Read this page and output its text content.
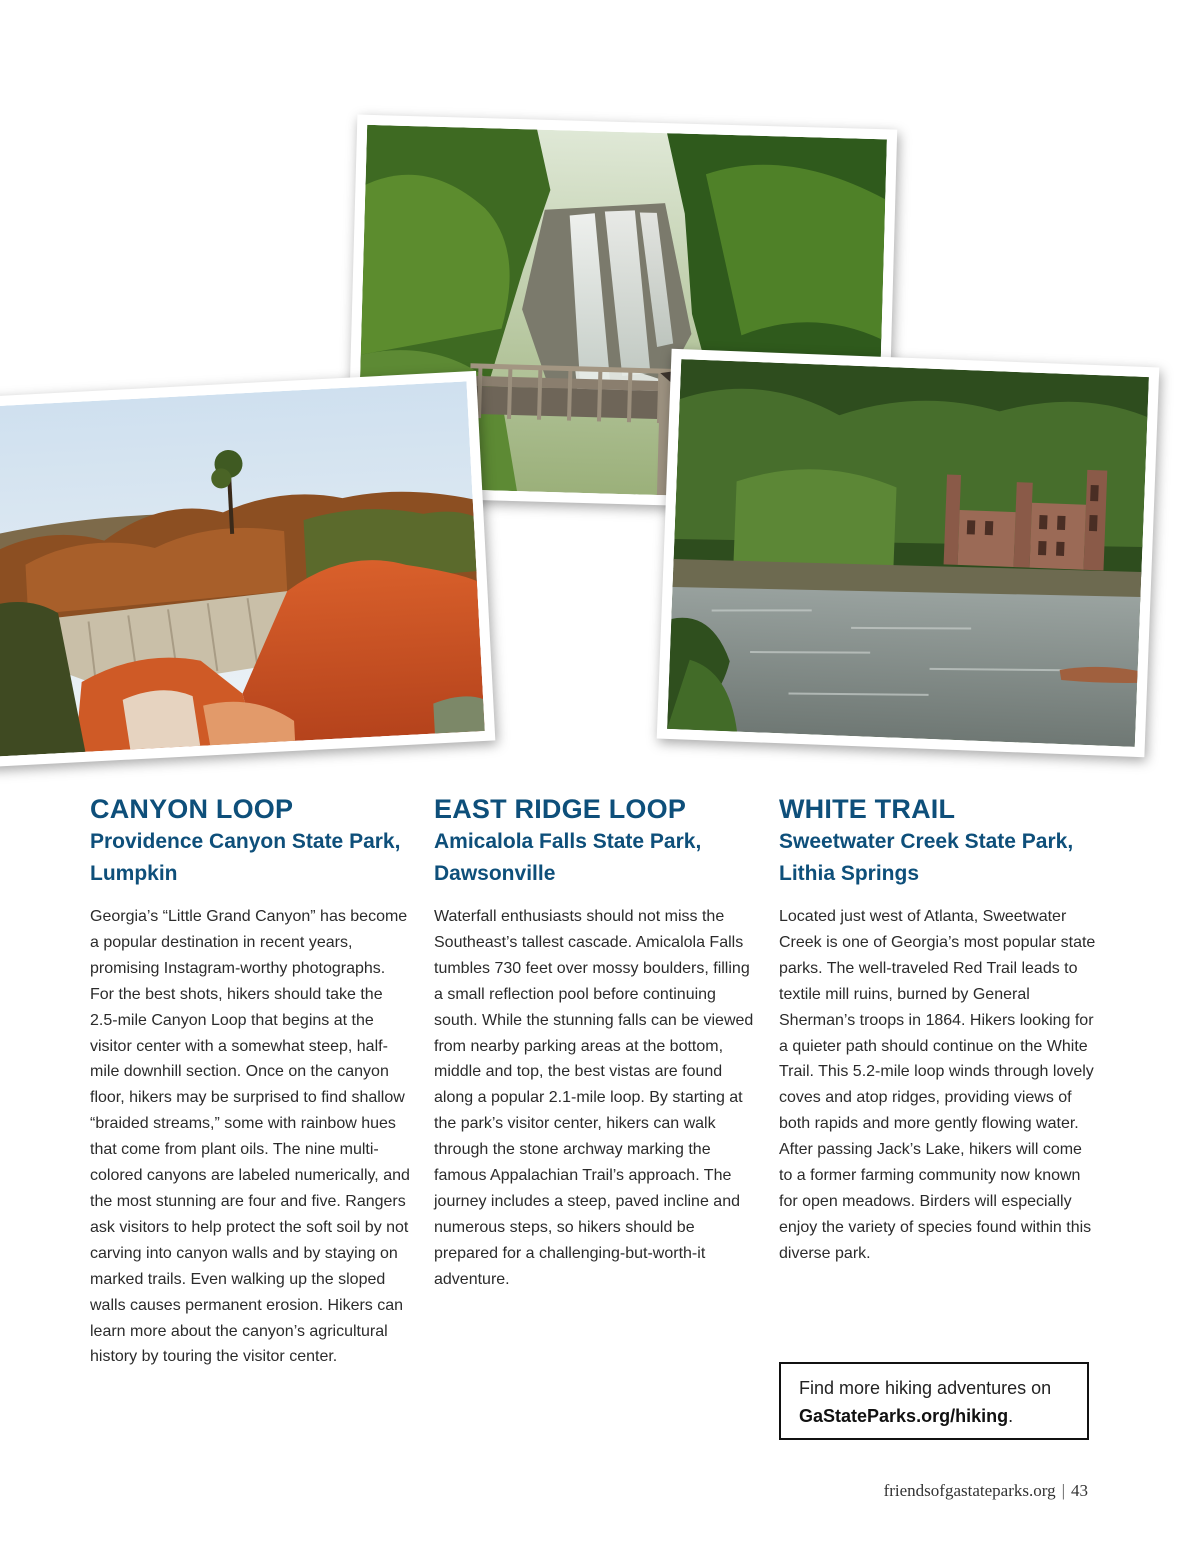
CANYON LOOP
Providence Canyon State Park, Lumpkin

Georgia’s “Little Grand Canyon” has become a popular destination in recent years, promising Instagram-worthy photographs. For the best shots, hikers should take the 2.5-mile Canyon Loop that begins at the visitor center with a somewhat steep, half-mile downhill section. Once on the canyon floor, hikers may be surprised to find shallow “braided streams,” some with rainbow hues that come from plant oils. The nine multi-colored canyons are labeled numerically, and the most stunning are four and five. Rangers ask visitors to help protect the soft soil by not carving into canyon walls and by staying on marked trails. Even walking up the sloped walls causes permanent erosion. Hikers can learn more about the canyon’s agricultural history by touring the visitor center.

EAST RIDGE LOOP
Amicalola Falls State Park, Dawsonville

Waterfall enthusiasts should not miss the Southeast’s tallest cascade. Amicalola Falls tumbles 730 feet over mossy boulders, filling a small reflection pool before continuing south. While the stunning falls can be viewed from nearby parking areas at the bottom, middle and top, the best vistas are found along a popular 2.1-mile loop. By starting at the park’s visitor center, hikers can walk through the stone archway marking the famous Appalachian Trail’s approach. The journey includes a steep, paved incline and numerous steps, so hikers should be prepared for a challenging-but-worth-it adventure.

WHITE TRAIL
Sweetwater Creek State Park, Lithia Springs

Located just west of Atlanta, Sweetwater Creek is one of Georgia’s most popular state parks. The well-traveled Red Trail leads to textile mill ruins, burned by General Sherman’s troops in 1864. Hikers looking for a quieter path should continue on the White Trail. This 5.2-mile loop winds through lovely coves and atop ridges, providing views of both rapids and more gently flowing water. After passing Jack’s Lake, hikers will come to a former farming community now known for open meadows. Birders will especially enjoy the variety of species found within this diverse park.

Find more hiking adventures on
GaStateParks.org/hiking.
friendsofgastateparks.org | 43
